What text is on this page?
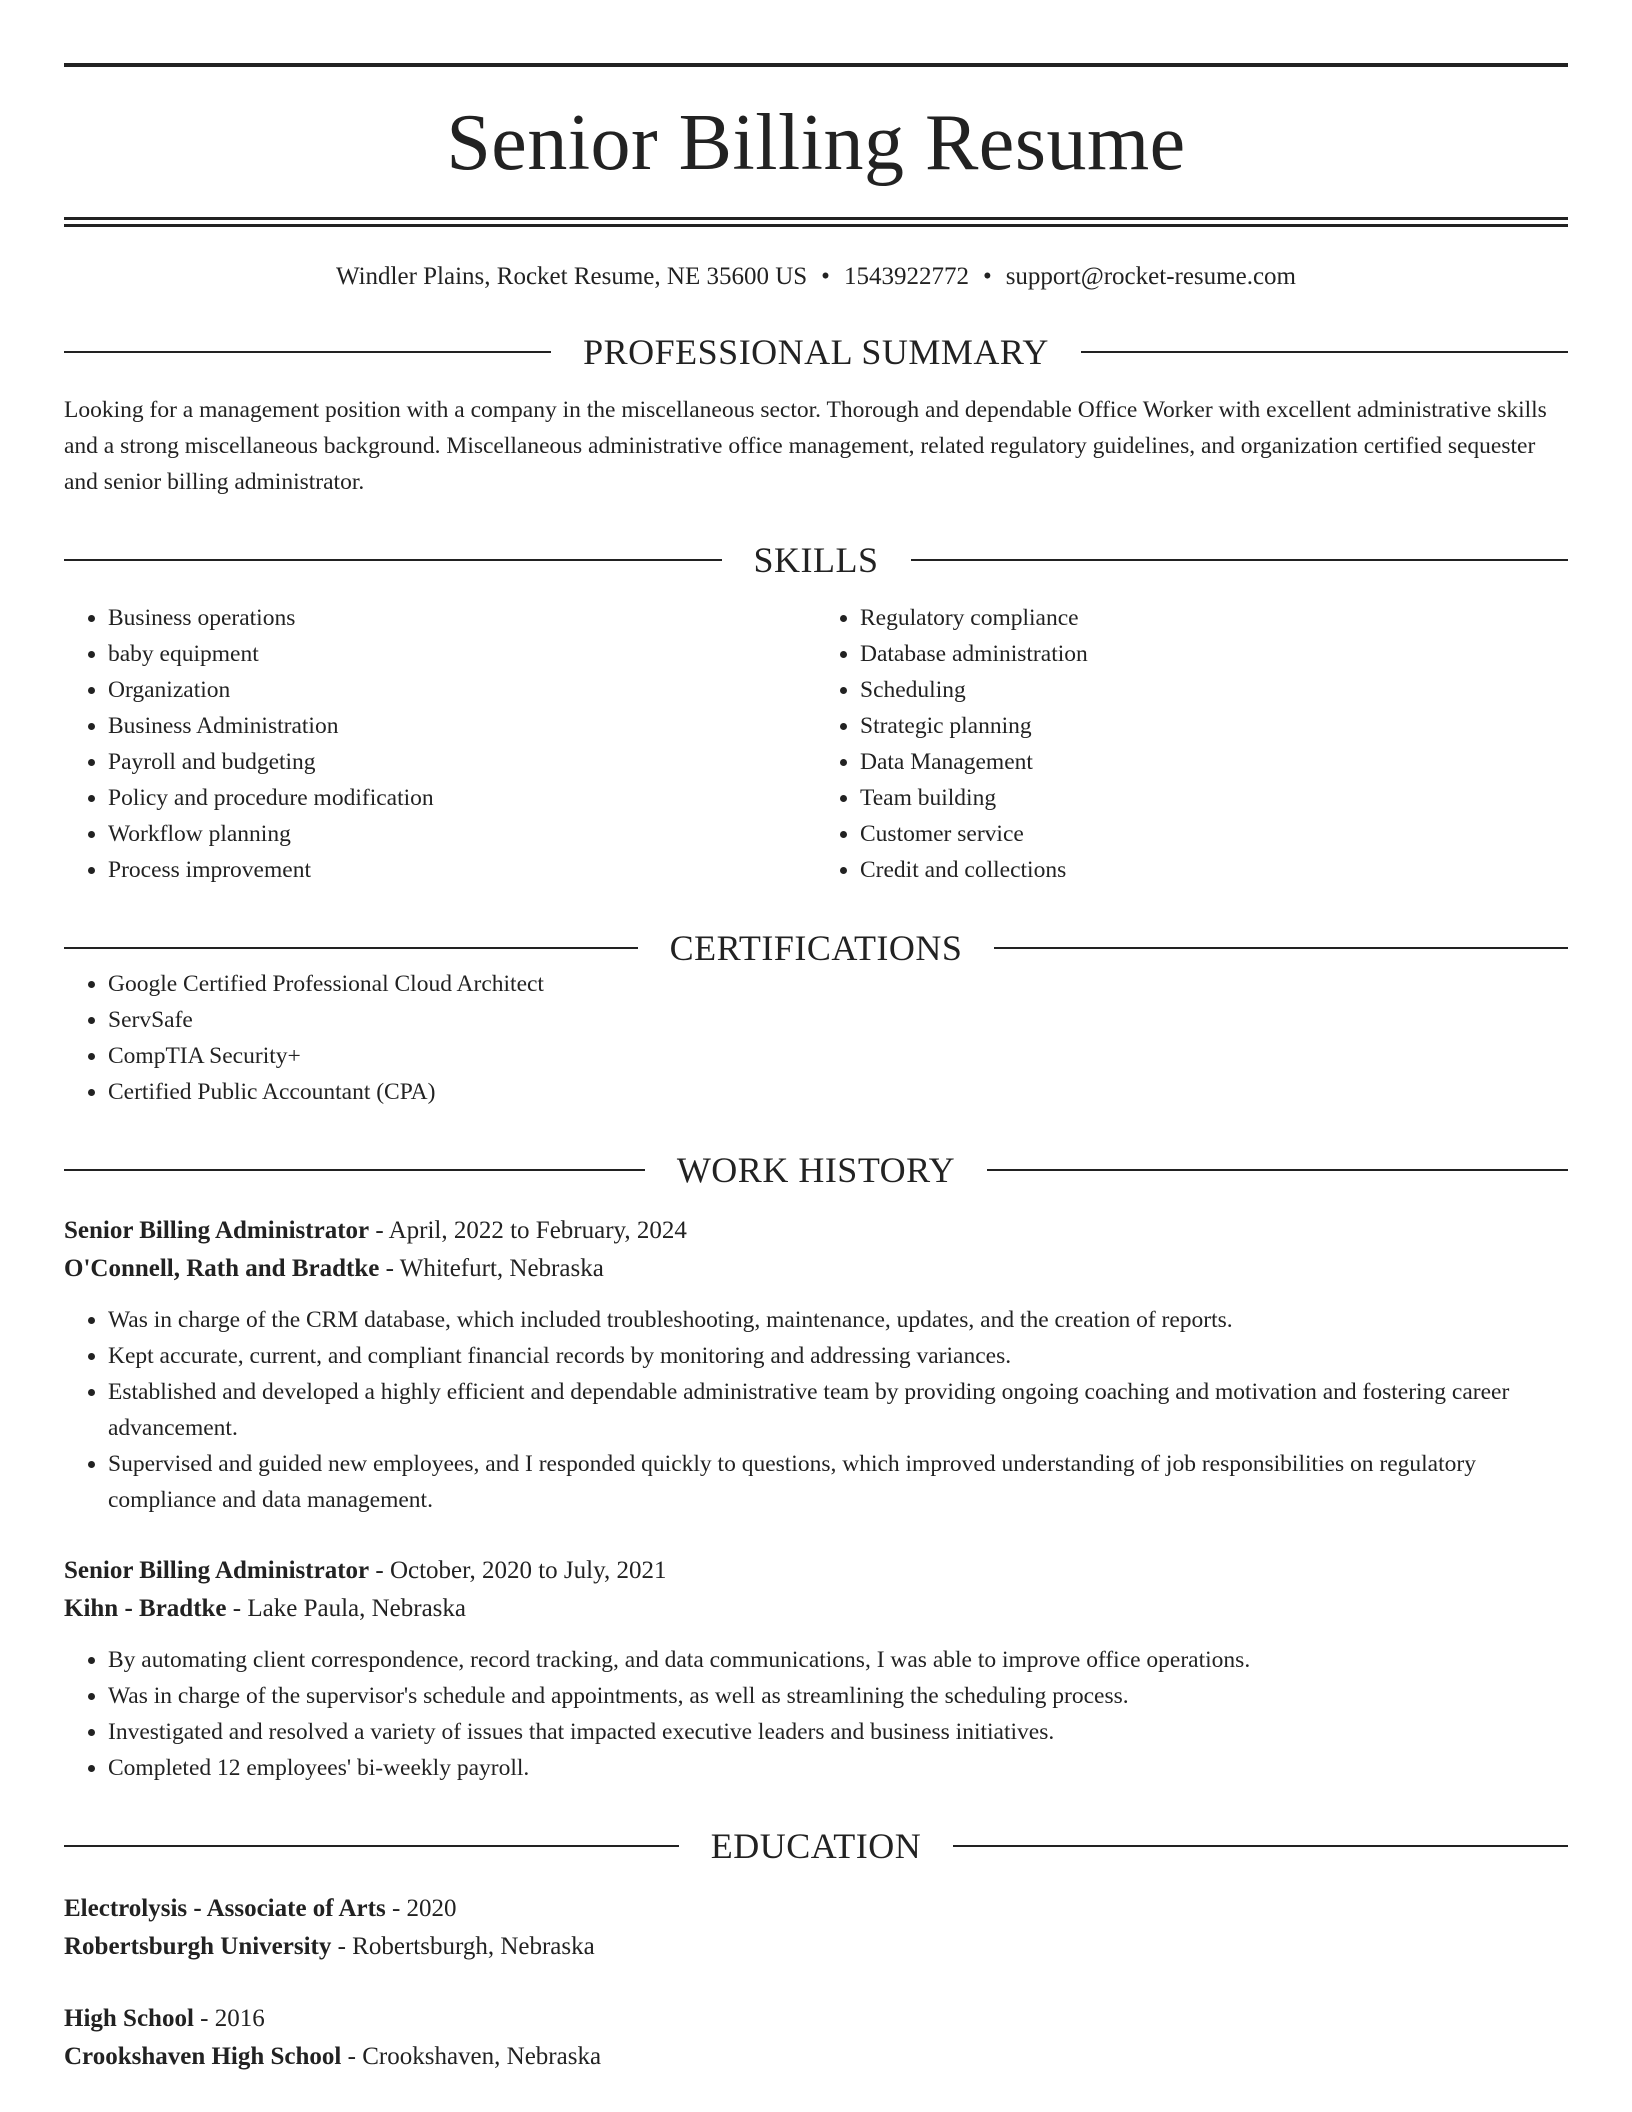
Senior Billing Resume
Windler Plains, Rocket Resume, NE 35600 US • 1543922772 • support@rocket-resume.com
PROFESSIONAL SUMMARY
Looking for a management position with a company in the miscellaneous sector. Thorough and dependable Office Worker with excellent administrative skills and a strong miscellaneous background. Miscellaneous administrative office management, related regulatory guidelines, and organization certified sequester and senior billing administrator.
SKILLS
• Business operations
• baby equipment
• Organization
• Business Administration
• Payroll and budgeting
• Policy and procedure modification
• Workflow planning
• Process improvement
• Regulatory compliance
• Database administration
• Scheduling
• Strategic planning
• Data Management
• Team building
• Customer service
• Credit and collections
CERTIFICATIONS
• Google Certified Professional Cloud Architect
• ServSafe
• CompTIA Security+
• Certified Public Accountant (CPA)
WORK HISTORY
Senior Billing Administrator - April, 2022 to February, 2024
O'Connell, Rath and Bradtke - Whitefurt, Nebraska
• Was in charge of the CRM database, which included troubleshooting, maintenance, updates, and the creation of reports.
• Kept accurate, current, and compliant financial records by monitoring and addressing variances.
• Established and developed a highly efficient and dependable administrative team by providing ongoing coaching and motivation and fostering career advancement.
• Supervised and guided new employees, and I responded quickly to questions, which improved understanding of job responsibilities on regulatory compliance and data management.
Senior Billing Administrator - October, 2020 to July, 2021
Kihn - Bradtke - Lake Paula, Nebraska
• By automating client correspondence, record tracking, and data communications, I was able to improve office operations.
• Was in charge of the supervisor's schedule and appointments, as well as streamlining the scheduling process.
• Investigated and resolved a variety of issues that impacted executive leaders and business initiatives.
• Completed 12 employees' bi-weekly payroll.
EDUCATION
Electrolysis - Associate of Arts - 2020
Robertsburgh University - Robertsburgh, Nebraska
High School - 2016
Crookshaven High School - Crookshaven, Nebraska
